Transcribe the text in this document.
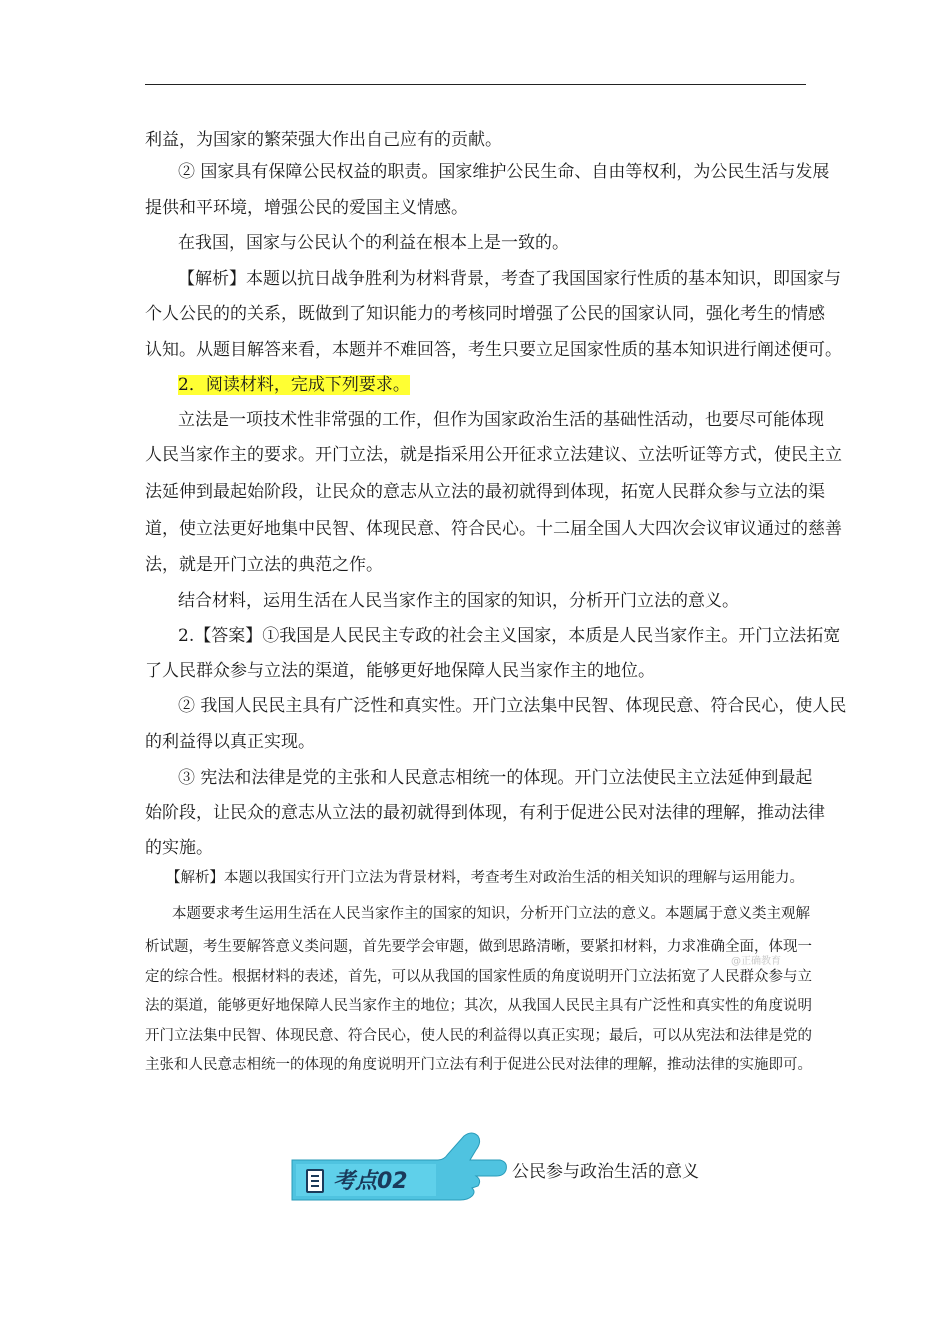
利益，为国家的繁荣强大作出自己应有的贡献。
② 国家具有保障公民权益的职责。国家维护公民生命、自由等权利，为公民生活与发展
提供和平环境，增强公民的爱国主义情感。
在我国，国家与公民认个的利益在根本上是一致的。
【解析】本题以抗日战争胜利为材料背景，考查了我国国家行性质的基本知识，即国家与
个人公民的的关系，既做到了知识能力的考核同时增强了公民的国家认同，强化考生的情感
认知。从题目解答来看，本题并不难回答，考生只要立足国家性质的基本知识进行阐述便可。
2．阅读材料，完成下列要求。
立法是一项技术性非常强的工作，但作为国家政治生活的基础性活动，也要尽可能体现
人民当家作主的要求。开门立法，就是指采用公开征求立法建议、立法听证等方式，使民主立
法延伸到最起始阶段，让民众的意志从立法的最初就得到体现，拓宽人民群众参与立法的渠
道，使立法更好地集中民智、体现民意、符合民心。十二届全国人大四次会议审议通过的慈善
法，就是开门立法的典范之作。
结合材料，运用生活在人民当家作主的国家的知识，分析开门立法的意义。
2.【答案】①我国是人民民主专政的社会主义国家，本质是人民当家作主。开门立法拓宽
了人民群众参与立法的渠道，能够更好地保障人民当家作主的地位。
② 我国人民民主具有广泛性和真实性。开门立法集中民智、体现民意、符合民心，使人民
的利益得以真正实现。
③ 宪法和法律是党的主张和人民意志相统一的体现。开门立法使民主立法延伸到最起
始阶段，让民众的意志从立法的最初就得到体现，有利于促进公民对法律的理解，推动法律
的实施。
【解析】本题以我国实行开门立法为背景材料，考查考生对政治生活的相关知识的理解与运用能力。
本题要求考生运用生活在人民当家作主的国家的知识，分析开门立法的意义。本题属于意义类主观解
析试题，考生要解答意义类问题，首先要学会审题，做到思路清晰，要紧扣材料，力求准确全面，体现一
定的综合性。根据材料的表述，首先，可以从我国的国家性质的角度说明开门立法拓宽了人民群众参与立
法的渠道，能够更好地保障人民当家作主的地位；其次，从我国人民民主具有广泛性和真实性的角度说明
开门立法集中民智、体现民意、符合民心，使人民的利益得以真正实现；最后，可以从宪法和法律是党的
主张和人民意志相统一的体现的角度说明开门立法有利于促进公民对法律的理解，推动法律的实施即可。
@正确教育
考点02	公民参与政治生活的意义
